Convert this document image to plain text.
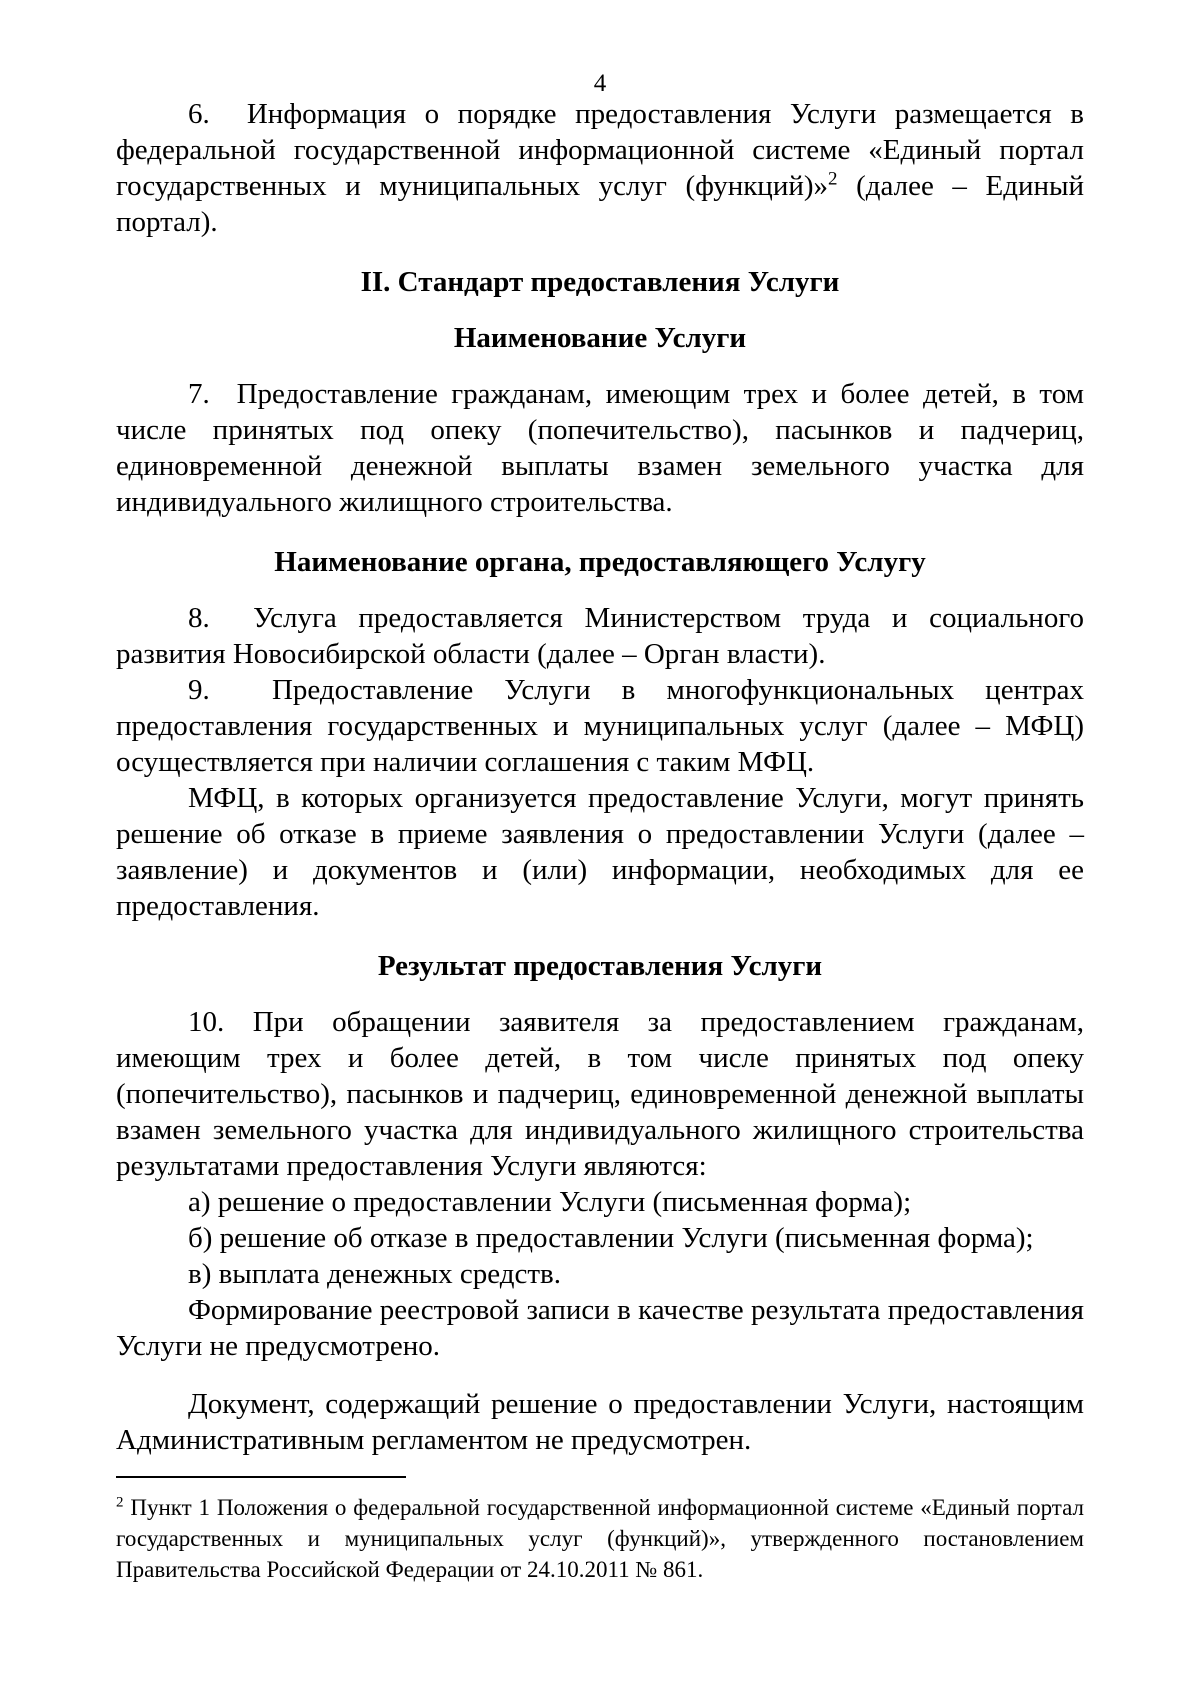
4

6.  Информация о порядке предоставления Услуги размещается в федеральной государственной информационной системе «Единый портал государственных и муниципальных услуг (функций)»$^2$ (далее – Единый портал).

II. Стандарт предоставления Услуги
Наименование Услуги

7.  Предоставление гражданам, имеющим трех и более детей, в том числе принятых под опеку (попечительство), пасынков и падчериц, единовременной денежной выплаты взамен земельного участка для индивидуального жилищного строительства.

Наименование органа, предоставляющего Услугу

8.  Услуга предоставляется Министерством труда и социального развития Новосибирской области (далее – Орган власти).

9.  Предоставление Услуги в многофункциональных центрах предоставления государственных и муниципальных услуг (далее – МФЦ) осуществляется при наличии соглашения с таким МФЦ.

МФЦ, в которых организуется предоставление Услуги, могут принять решение об отказе в приеме заявления о предоставлении Услуги (далее – заявление) и документов и (или) информации, необходимых для ее предоставления.

Результат предоставления Услуги

10. При обращении заявителя за предоставлением гражданам, имеющим трех и более детей, в том числе принятых под опеку (попечительство), пасынков и падчериц, единовременной денежной выплаты взамен земельного участка для индивидуального жилищного строительства результатами предоставления Услуги являются:

а) решение о предоставлении Услуги (письменная форма);

б) решение об отказе в предоставлении Услуги (письменная форма);

в) выплата денежных средств.

Формирование реестровой записи в качестве результата предоставления Услуги не предусмотрено.

Документ, содержащий решение о предоставлении Услуги, настоящим Административным регламентом не предусмотрен.

$^2$ Пункт 1 Положения о федеральной государственной информационной системе «Единый портал государственных и муниципальных услуг (функций)», утвержденного постановлением Правительства Российской Федерации от 24.10.2011 № 861.
